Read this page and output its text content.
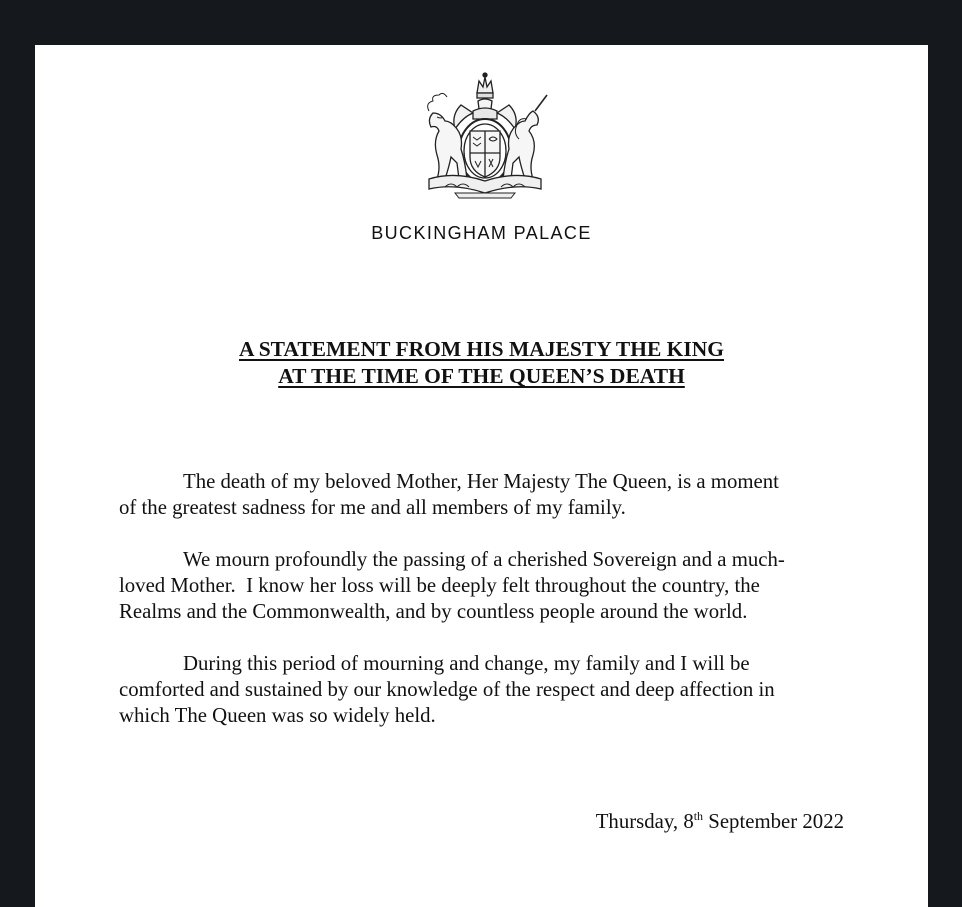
BUCKINGHAM PALACE
A STATEMENT FROM HIS MAJESTY THE KING
AT THE TIME OF THE QUEEN’S DEATH
The death of my beloved Mother, Her Majesty The Queen, is a moment
of the greatest sadness for me and all members of my family.
We mourn profoundly the passing of a cherished Sovereign and a much-
loved Mother.  I know her loss will be deeply felt throughout the country, the
Realms and the Commonwealth, and by countless people around the world.
During this period of mourning and change, my family and I will be
comforted and sustained by our knowledge of the respect and deep affection in
which The Queen was so widely held.
Thursday, 8th September 2022
